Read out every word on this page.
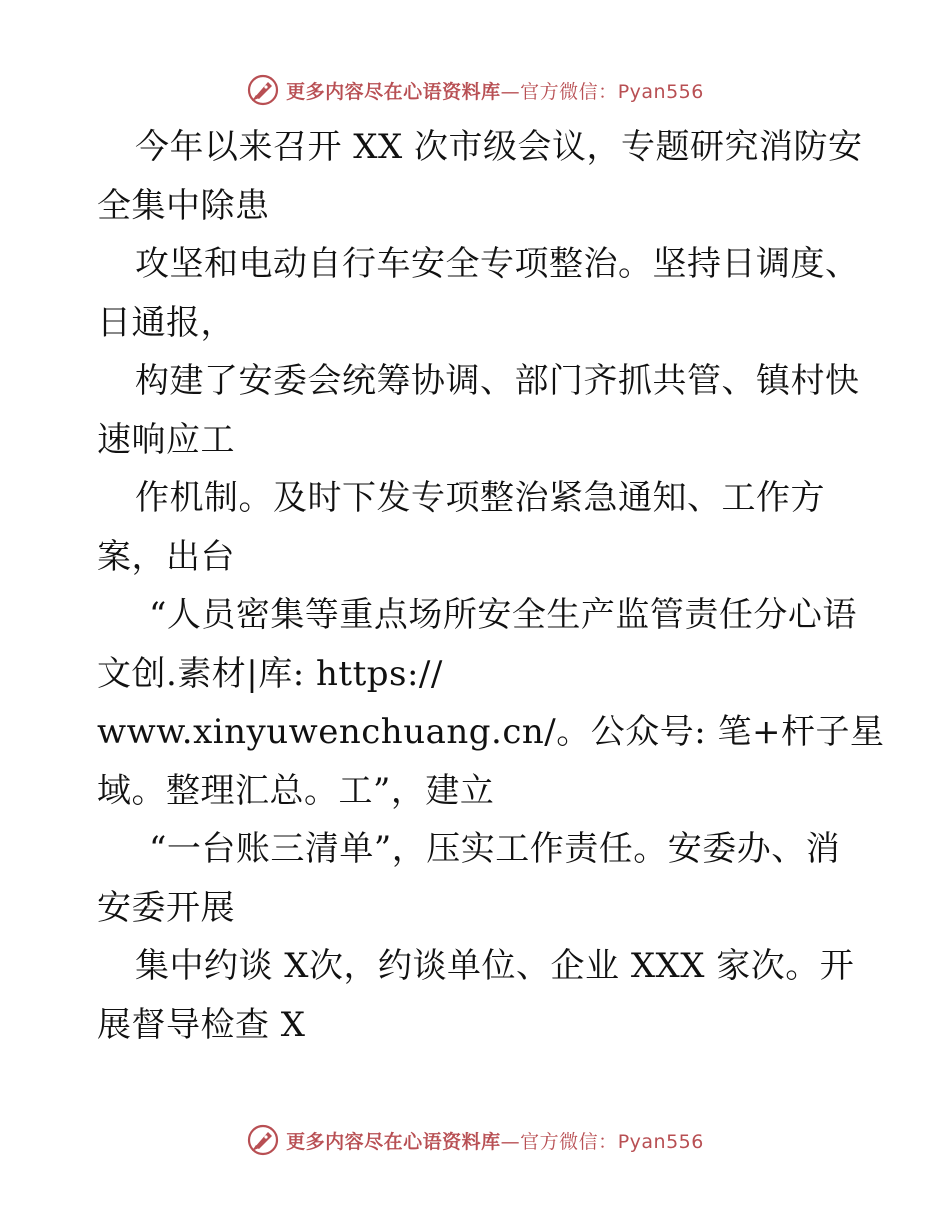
更多内容尽在心语资料库—官方微信：Pyan556
今年以来召开 XX 次市级会议，专题研究消防安
全集中除患
攻坚和电动自行车安全专项整治。坚持日调度、
日通报，
构建了安委会统筹协调、部门齐抓共管、镇村快
速响应工
作机制。及时下发专项整治紧急通知、工作方
案，出台
“人员密集等重点场所安全生产监管责任分心语
文创.素材|库: https://
www.xinyuwenchuang.cn/。公众号: 笔+杆子星
域。整理汇总。工”，建立
“一台账三清单”，压实工作责任。安委办、消
安委开展
集中约谈 X次，约谈单位、企业 XXX 家次。开
展督导检查 X
更多内容尽在心语资料库—官方微信：Pyan556
